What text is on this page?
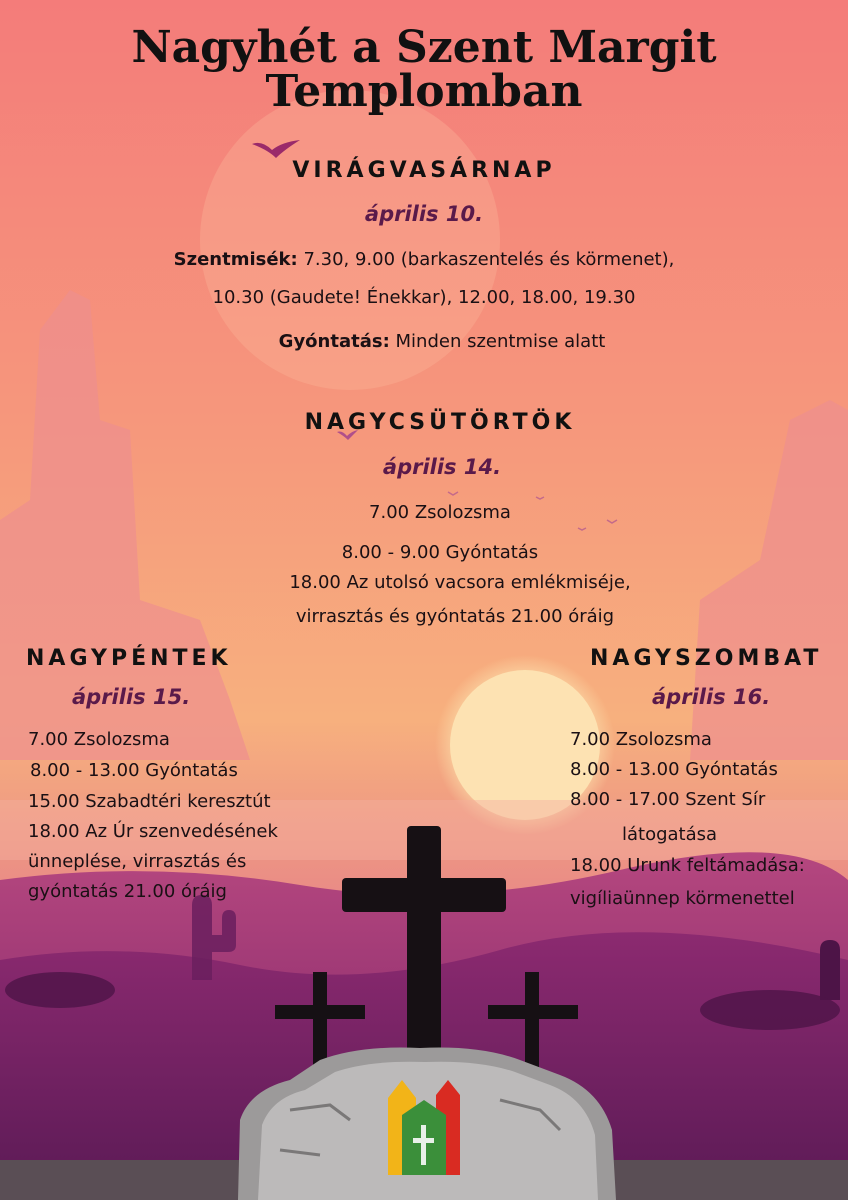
Nagyhét a Szent Margit
Templomban
VIRÁGVASÁRNAP
április 10.
Szentmisék: 7.30, 9.00 (barkaszentelés és körmenet),
10.30 (Gaudete! Énekkar), 12.00, 18.00, 19.30
Gyóntatás: Minden szentmise alatt
NAGYCSÜTÖRTÖK
április 14.
7.00 Zsolozsma
8.00 - 9.00 Gyóntatás
18.00 Az utolsó vacsora emlékmiséje,
virrasztás és gyóntatás 21.00 óráig
NAGYPÉNTEK
április 15.
7.00 Zsolozsma
8.00 - 13.00 Gyóntatás
15.00 Szabadtéri keresztút
18.00 Az Úr szenvedésének
ünneplése, virrasztás és
gyóntatás 21.00 óráig
NAGYSZOMBAT
április 16.
7.00 Zsolozsma
8.00 - 13.00 Gyóntatás
8.00 - 17.00 Szent Sír
látogatása
18.00 Urunk feltámadása:
vigíliaünnep körmenettel
